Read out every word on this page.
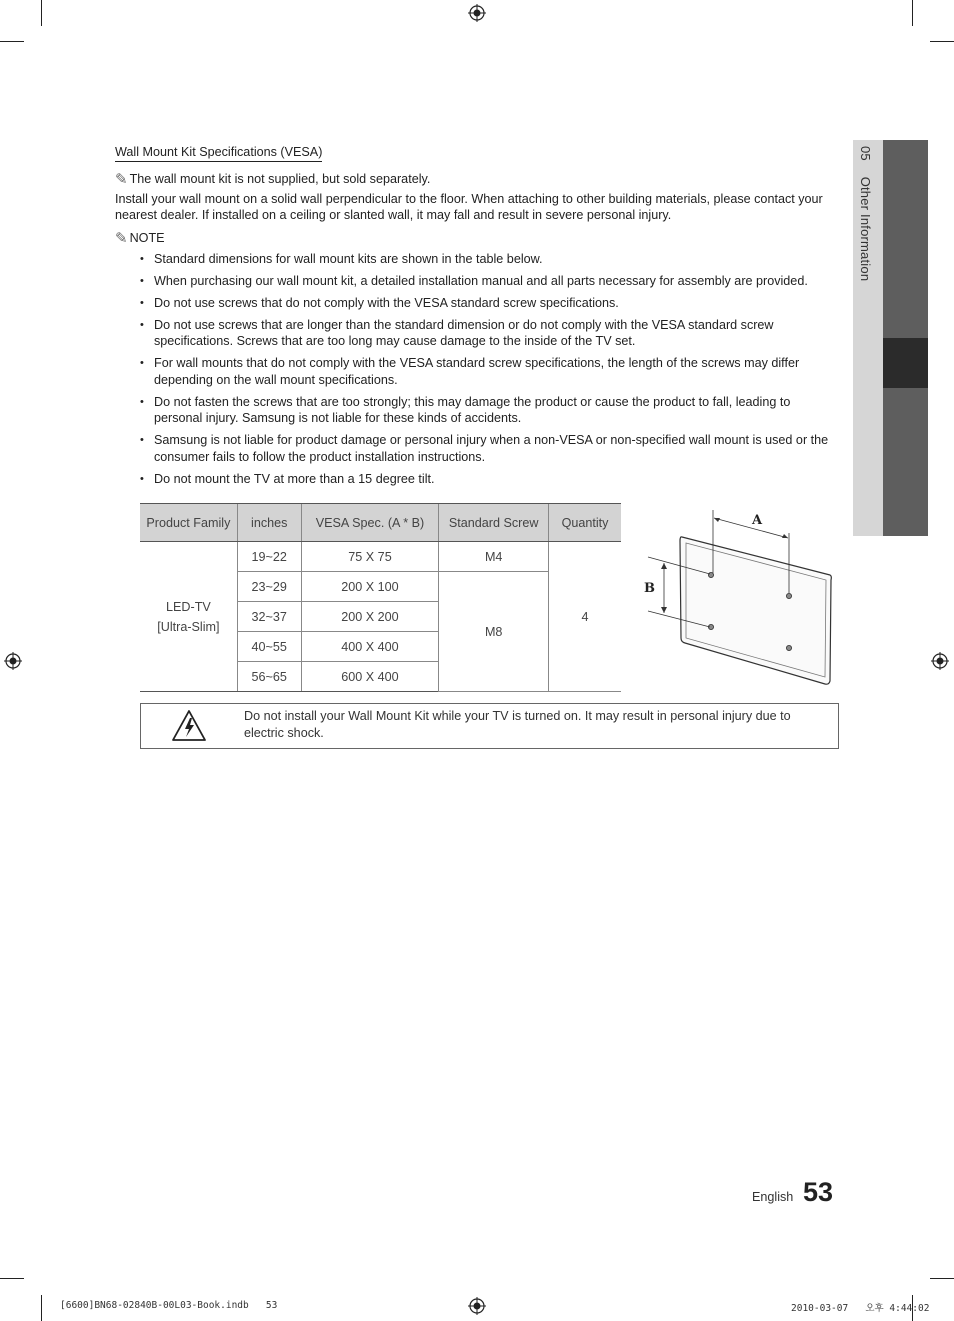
05 Other Information
Wall Mount Kit Specifications (VESA)
✎ The wall mount kit is not supplied, but sold separately.
Install your wall mount on a solid wall perpendicular to the floor. When attaching to other building materials, please contact your nearest dealer. If installed on a ceiling or slanted wall, it may fall and result in severe personal injury.
✎ NOTE
• Standard dimensions for wall mount kits are shown in the table below.
• When purchasing our wall mount kit, a detailed installation manual and all parts necessary for assembly are provided.
• Do not use screws that do not comply with the VESA standard screw specifications.
• Do not use screws that are longer than the standard dimension or do not comply with the VESA standard screw specifications. Screws that are too long may cause damage to the inside of the TV set.
• For wall mounts that do not comply with the VESA standard screw specifications, the length of the screws may differ depending on the wall mount specifications.
• Do not fasten the screws that are too strongly; this may damage the product or cause the product to fall, leading to personal injury. Samsung is not liable for these kinds of accidents.
• Samsung is not liable for product damage or personal injury when a non-VESA or non-specified wall mount is used or the consumer fails to follow the product installation instructions.
• Do not mount the TV at more than a 15 degree tilt.
Product Family	inches	VESA Spec. (A * B)	Standard Screw	Quantity
LED-TV
[Ultra-Slim]	19~22	75 X 75	M4	4
	23~29	200 X 100	M8	
	32~37	200 X 200		
	40~55	400 X 400		
	56~65	600 X 400		
A
B
Do not install your Wall Mount Kit while your TV is turned on. It may result in personal injury due to electric shock.
English 53
[6600]BN68-02840B-00L03-Book.indb   53	2010-03-07   오후 4:44:02
